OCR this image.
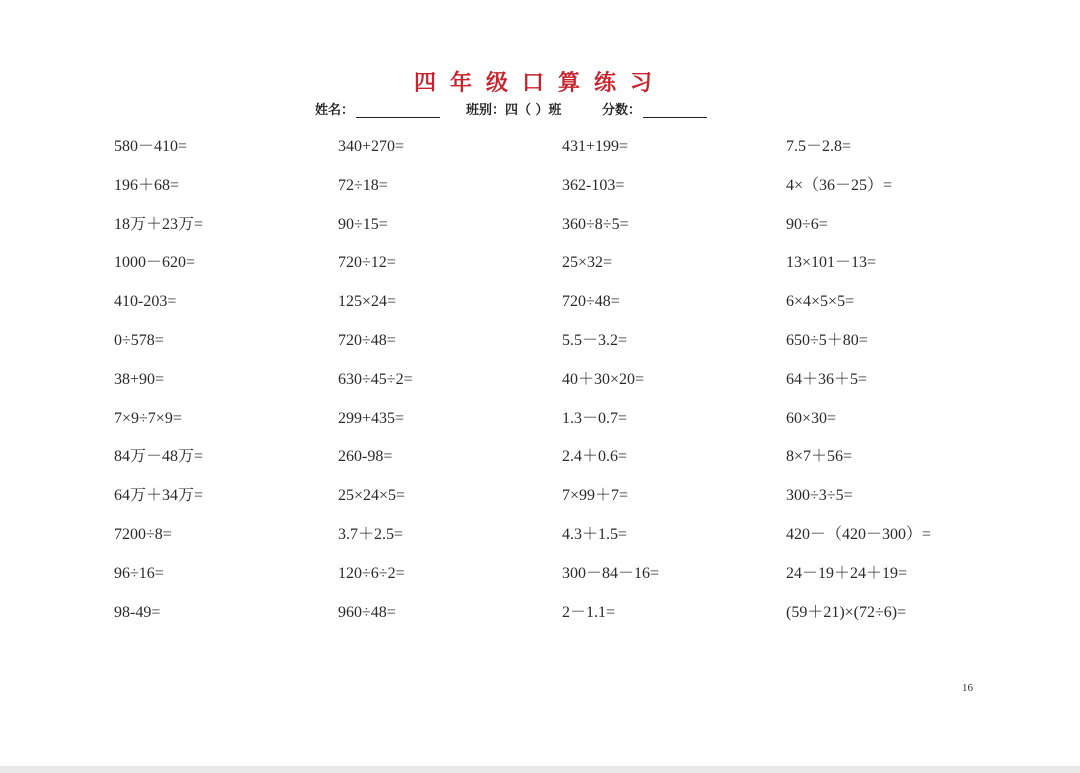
四年级口算练习
姓名：	班别：四（ ）班	分数：
580－410=
196＋68=
18万＋23万=
1000－620=
410-203=
0÷578=
38+90=
7×9÷7×9=
84万－48万=
64万＋34万=
7200÷8=
96÷16=
98-49=
340+270=
72÷18=
90÷15=
720÷12=
125×24=
720÷48=
630÷45÷2=
299+435=
260-98=
25×24×5=
3.7＋2.5=
120÷6÷2=
960÷48=
431+199=
362-103=
360÷8÷5=
25×32=
720÷48=
5.5－3.2=
40＋30×20=
1.3－0.7=
2.4＋0.6=
7×99＋7=
4.3＋1.5=
300－84－16=
2－1.1=
7.5－2.8=
4×（36－25）=
90÷6=
13×101－13=
6×4×5×5=
650÷5＋80=
64＋36＋5=
60×30=
8×7＋56=
300÷3÷5=
420－（420－300）=
24－19＋24＋19=
(59＋21)×(72÷6)=
16
